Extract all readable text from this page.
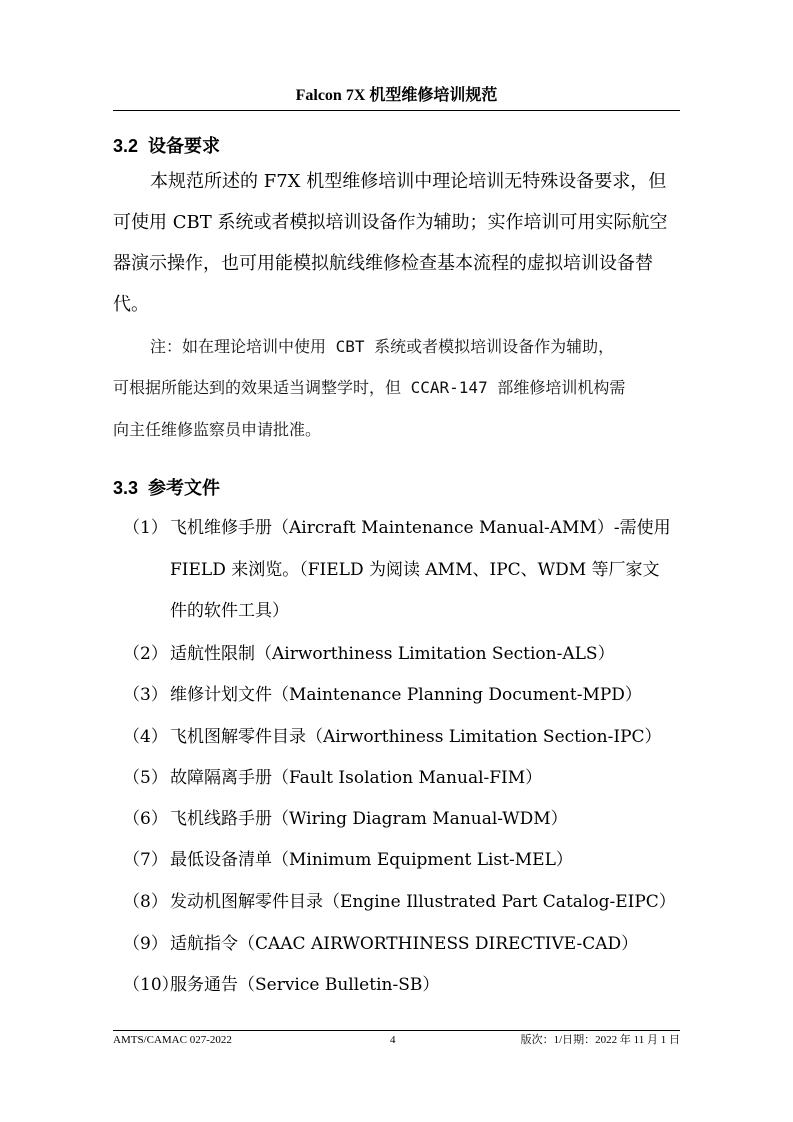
Falcon 7X 机型维修培训规范
3.2 设备要求
本规范所述的 F7X 机型维修培训中理论培训无特殊设备要求，但
可使用 CBT 系统或者模拟培训设备作为辅助；实作培训可用实际航空
器演示操作，也可用能模拟航线维修检查基本流程的虚拟培训设备替
代。
注：如在理论培训中使用 CBT 系统或者模拟培训设备作为辅助，
可根据所能达到的效果适当调整学时，但 CCAR-147 部维修培训机构需
向主任维修监察员申请批准。
3.3 参考文件
（1） 飞机维修手册（Aircraft Maintenance Manual-AMM）-需使用
FIELD 来浏览。（FIELD 为阅读 AMM、IPC、WDM 等厂家文
件的软件工具）
（2） 适航性限制（Airworthiness Limitation Section-ALS）
（3） 维修计划文件（Maintenance Planning Document-MPD）
（4） 飞机图解零件目录（Airworthiness Limitation Section-IPC）
（5） 故障隔离手册（Fault Isolation Manual-FIM）
（6） 飞机线路手册（Wiring Diagram Manual-WDM）
（7） 最低设备清单（Minimum Equipment List-MEL）
（8） 发动机图解零件目录（Engine Illustrated Part Catalog-EIPC）
（9） 适航指令（CAAC AIRWORTHINESS DIRECTIVE-CAD）
（10）
服务通告（Service Bulletin-SB）
AMTS/CAMAC 027-2022	4	版次：1/日期：2022 年 11 月 1 日
